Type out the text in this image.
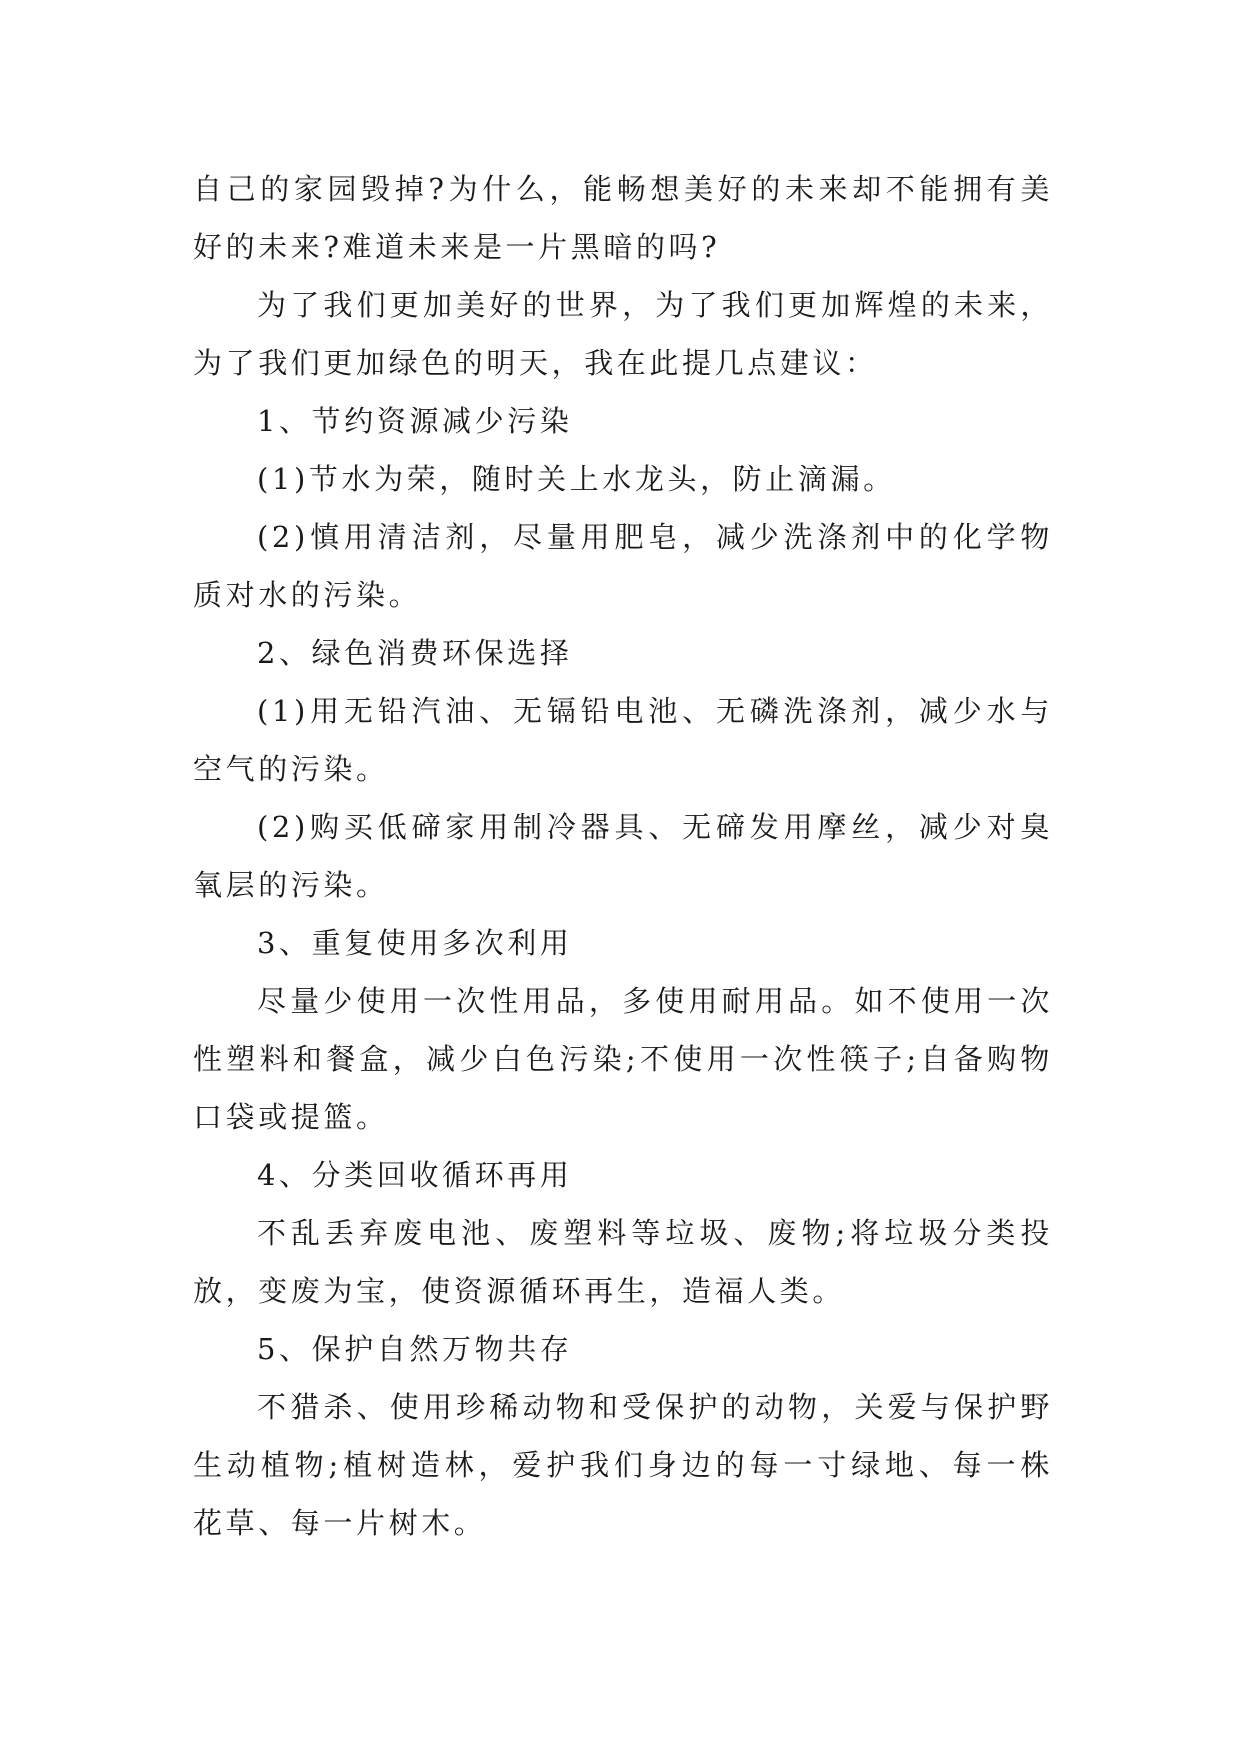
自己的家园毁掉?为什么，能畅想美好的未来却不能拥有美好的未来?难道未来是一片黑暗的吗?

为了我们更加美好的世界，为了我们更加辉煌的未来，为了我们更加绿色的明天，我在此提几点建议：

1、节约资源减少污染

(1)节水为荣，随时关上水龙头，防止滴漏。

(2)慎用清洁剂，尽量用肥皂，减少洗涤剂中的化学物质对水的污染。

2、绿色消费环保选择

(1)用无铅汽油、无镉铅电池、无磷洗涤剂，减少水与空气的污染。

(2)购买低碲家用制冷器具、无碲发用摩丝，减少对臭氧层的污染。

3、重复使用多次利用

尽量少使用一次性用品，多使用耐用品。如不使用一次性塑料和餐盒，减少白色污染;不使用一次性筷子;自备购物口袋或提篮。

4、分类回收循环再用

不乱丢弃废电池、废塑料等垃圾、废物;将垃圾分类投放，变废为宝，使资源循环再生，造福人类。

5、保护自然万物共存

不猎杀、使用珍稀动物和受保护的动物，关爱与保护野生动植物;植树造林，爱护我们身边的每一寸绿地、每一株花草、每一片树木。
